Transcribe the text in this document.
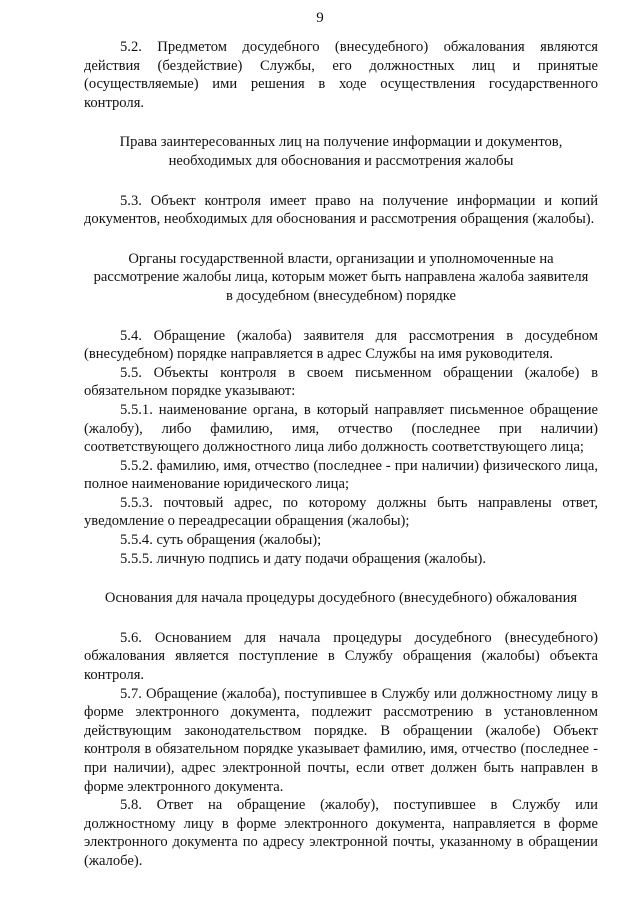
9

5.2. Предметом досудебного (внесудебного) обжалования являются действия (бездействие) Службы, его должностных лиц и принятые (осуществляемые) ими решения в ходе осуществления государственного контроля.

Права заинтересованных лиц на получение информации и документов, необходимых для обоснования и рассмотрения жалобы

5.3. Объект контроля имеет право на получение информации и копий документов, необходимых для обоснования и рассмотрения обращения (жалобы).

Органы государственной власти, организации и уполномоченные на рассмотрение жалобы лица, которым может быть направлена жалоба заявителя в досудебном (внесудебном) порядке

5.4. Обращение (жалоба) заявителя для рассмотрения в досудебном (внесудебном) порядке направляется в адрес Службы на имя руководителя.

5.5. Объекты контроля в своем письменном обращении (жалобе) в обязательном порядке указывают:

5.5.1. наименование органа, в который направляет письменное обращение (жалобу), либо фамилию, имя, отчество (последнее при наличии) соответствующего должностного лица либо должность соответствующего лица;

5.5.2. фамилию, имя, отчество (последнее - при наличии) физического лица, полное наименование юридического лица;

5.5.3. почтовый адрес, по которому должны быть направлены ответ, уведомление о переадресации обращения (жалобы);

5.5.4. суть обращения (жалобы);

5.5.5. личную подпись и дату подачи обращения (жалобы).

Основания для начала процедуры досудебного (внесудебного) обжалования

5.6. Основанием для начала процедуры досудебного (внесудебного) обжалования является поступление в Службу обращения (жалобы) объекта контроля.

5.7. Обращение (жалоба), поступившее в Службу или должностному лицу в форме электронного документа, подлежит рассмотрению в установленном действующим законодательством порядке. В обращении (жалобе) Объект контроля в обязательном порядке указывает фамилию, имя, отчество (последнее - при наличии), адрес электронной почты, если ответ должен быть направлен в форме электронного документа.

5.8. Ответ на обращение (жалобу), поступившее в Службу или должностному лицу в форме электронного документа, направляется в форме электронного документа по адресу электронной почты, указанному в обращении (жалобе).
